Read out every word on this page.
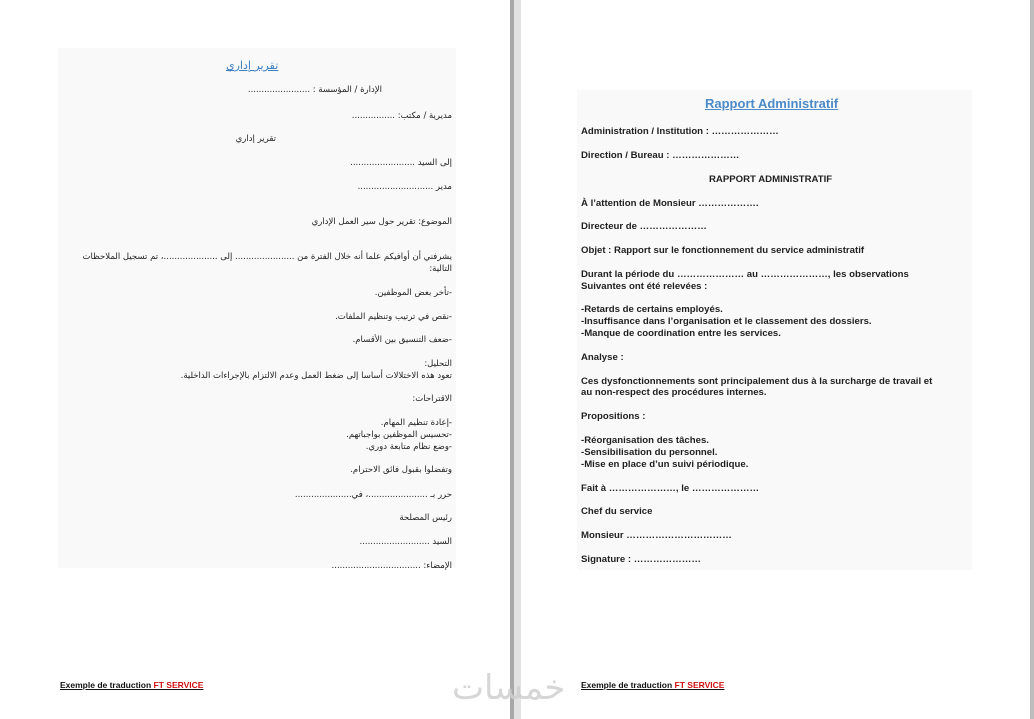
تقرير إداري
الإدارة / المؤسسة : .......................
مديرية / مكتب: ................
تقرير إداري
إلى السيد ........................
مدير ............................
الموضوع: تقرير حول سير العمل الإداري
يشرفني أن أوافيكم علما أنه خلال الفترة من ...................... إلى ....................، تم تسجيل الملاحظات
التالية:
-تأخر بعض الموظفين.
-نقص في ترتيب وتنظيم الملفات.
-ضعف التنسيق بين الأقسام.
التحليل:
تعود هذه الاختلالات أساسا إلى ضغط العمل وعدم الالتزام بالإجراءات الداخلية.
الاقتراحات:
-إعادة تنظيم المهام.
-تحسيس الموظفين بواجباتهم.
-وضع نظام متابعة دوري.
وتفضلوا بقبول فائق الاحترام.
حرر بـ ......................، في.....................
رئيس المصلحة
السيد ..........................
الإمضاء: .................................
Exemple de traduction FT SERVICE
Rapport Administratif
Administration / Institution : …………………
Direction / Bureau : …………………
RAPPORT ADMINISTRATIF
À l’attention de Monsieur ……………….
Directeur de …………………
Objet : Rapport sur le fonctionnement du service administratif
Durant la période du ………………… au …………………, les observations
Suivantes ont été relevées :
-Retards de certains employés.
-Insuffisance dans l’organisation et le classement des dossiers.
-Manque de coordination entre les services.
Analyse :
Ces dysfonctionnements sont principalement dus à la surcharge de travail et
au non-respect des procédures internes.
Propositions :
-Réorganisation des tâches.
-Sensibilisation du personnel.
-Mise en place d’un suivi périodique.
Fait à …………………, le …………………
Chef du service
Monsieur ……………………………
Signature : …………………
Exemple de traduction FT SERVICE
خمسات
